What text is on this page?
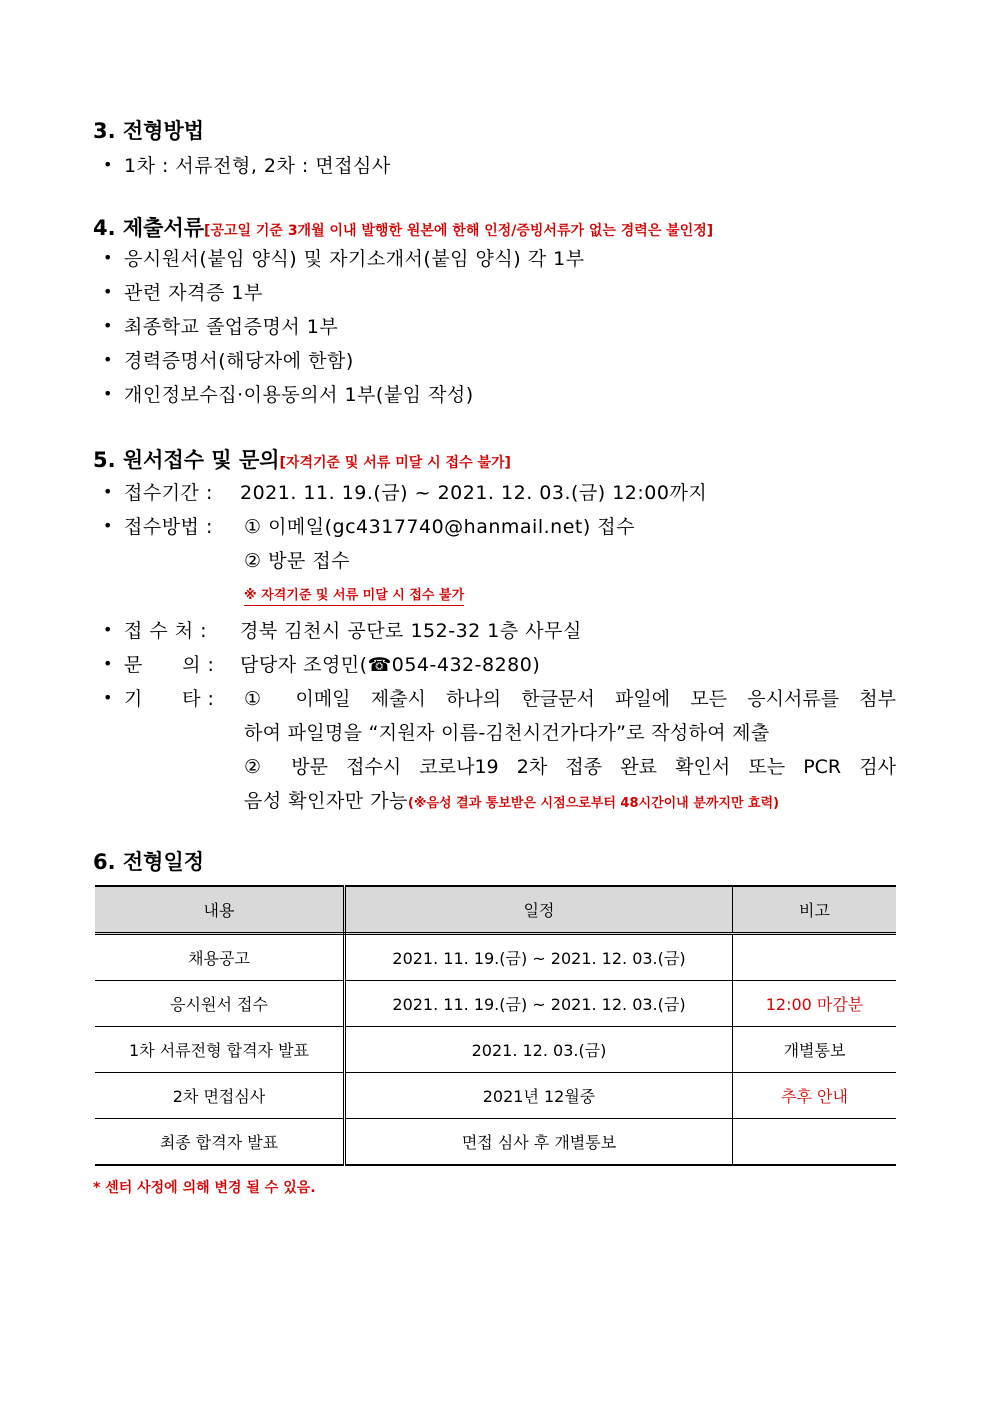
3. 전형방법
• 1차 : 서류전형, 2차 : 면접심사
4. 제출서류[공고일 기준 3개월 이내 발행한 원본에 한해 인정/증빙서류가 없는 경력은 불인정]
• 응시원서(붙임 양식) 및 자기소개서(붙임 양식) 각 1부
• 관련 자격증 1부
• 최종학교 졸업증명서 1부
• 경력증명서(해당자에 한함)
• 개인정보수집·이용동의서 1부(붙임 작성)
5. 원서접수 및 문의[자격기준 및 서류 미달 시 접수 불가]
• 접수기간 : 2021. 11. 19.(금) ~ 2021. 12. 03.(금) 12:00까지
• 접수방법 : ① 이메일(gc4317740@hanmail.net) 접수
② 방문 접수
※ 자격기준 및 서류 미달 시 접수 불가
• 접 수 처 : 경북 김천시 공단로 152-32 1층 사무실
• 문      의 : 담당자 조영민(☎054-432-8280)
• 기      타 : ① 이메일 제출시 하나의 한글문서 파일에 모든 응시서류를 첨부
하여 파일명을 “지원자 이름-김천시건가다가”로 작성하여 제출
② 방문 접수시 코로나19 2차 접종 완료 확인서 또는 PCR 검사
음성 확인자만 가능(※음성 결과 통보받은 시점으로부터 48시간이내 분까지만 효력)
6. 전형일정
내용	일정	비고
채용공고	2021. 11. 19.(금) ~ 2021. 12. 03.(금)	
응시원서 접수	2021. 11. 19.(금) ~ 2021. 12. 03.(금)	12:00 마감분
1차 서류전형 합격자 발표	2021. 12. 03.(금)	개별통보
2차 면접심사	2021년 12월중	추후 안내
최종 합격자 발표	면접 심사 후 개별통보	
* 센터 사정에 의해 변경 될 수 있음.
